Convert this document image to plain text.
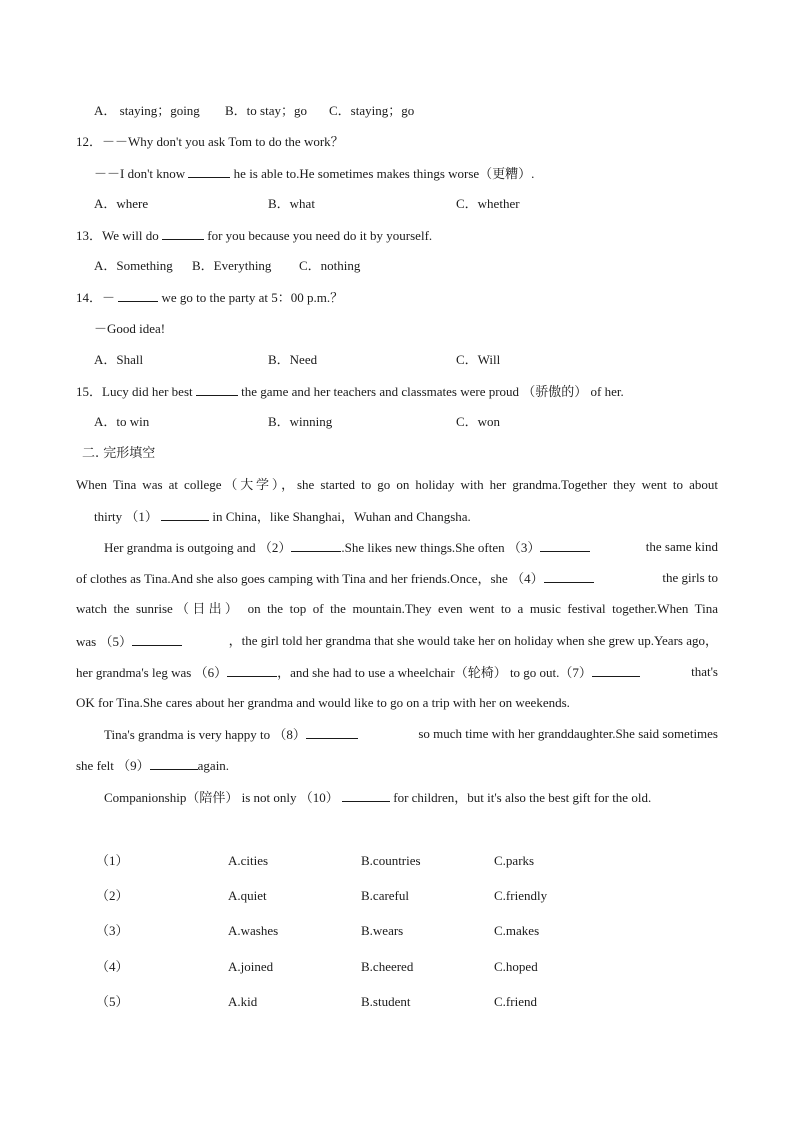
A． staying；going B．to stay；go C．staying；go
12．－－Why don't you ask Tom to do the work？
－－I don't know	he is able to.He sometimes makes things worse（更糟）.
A．where	B．what	C．whether
13．We will do	for you because you need do it by yourself.
A．Something B．Everything C．nothing
14．－	we go to the party at 5：00 p.m.？
－Good idea!
A．Shall	B．Need	C．Will
15．Lucy did her best	the game and her teachers and classmates were proud （骄傲的） of her.
A．to win	B．winning	C．won
二. 完形填空
When Tina was at college（大学），she started to go on holiday with her grandma.Together they went to about
thirty （1）	in China，like Shanghai，Wuhan and Changsha.
Her grandma is outgoing and （2）	.She likes new things.She often （3）	the same kind
of clothes as Tina.And she also goes camping with Tina and her friends.Once，she （4）	the girls to
watch the sunrise（日出） on the top of the mountain.They even went to a music festival together.When Tina
was （5）	，the girl told her grandma that she would take her on holiday when she grew up.Years ago，
her grandma's leg was （6）	，and she had to use a wheelchair（轮椅） to go out.（7）	that's
OK for Tina.She cares about her grandma and would like to go on a trip with her on weekends.
Tina's grandma is very happy to （8）	so much time with her granddaughter.She said sometimes
she felt （9）	again.
Companionship（陪伴） is not only （10）	for children，but it's also the best gift for the old.
（1）	A.cities	B.countries	C.parks
（2）	A.quiet	B.careful	C.friendly
（3）	A.washes	B.wears	C.makes
（4）	A.joined	B.cheered	C.hoped
（5）	A.kid	B.student	C.friend
